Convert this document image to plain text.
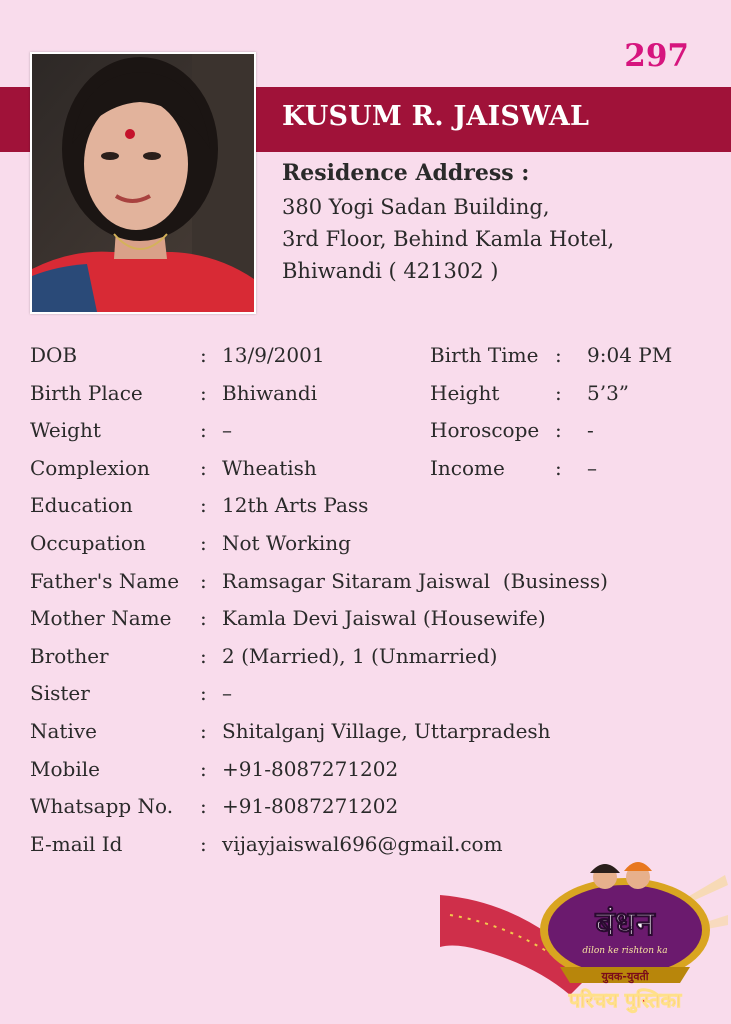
297
KUSUM R. JAISWAL
Residence Address :
380 Yogi Sadan Building,
3rd Floor, Behind Kamla Hotel,
Bhiwandi ( 421302 )
DOB	: 13/9/2001	Birth Time : 9:04 PM
Birth Place	: Bhiwandi	Height	: 5’3”
Weight	: –	Horoscope : -
Complexion	: Wheatish	Income	: –
Education	: 12th Arts Pass
Occupation	: Not Working
Father's Name : Ramsagar Sitaram Jaiswal  (Business)
Mother Name : Kamla Devi Jaiswal (Housewife)
Brother	: 2 (Married), 1 (Unmarried)
Sister	: –
Native	: Shitalganj Village, Uttarpradesh
Mobile	: +91-8087271202
Whatsapp No. : +91-8087271202
E-mail Id	: vijayjaiswal696@gmail.com
बंधन
dilon ke rishton ka
युवक-युवती
परिचय पुस्तिका
